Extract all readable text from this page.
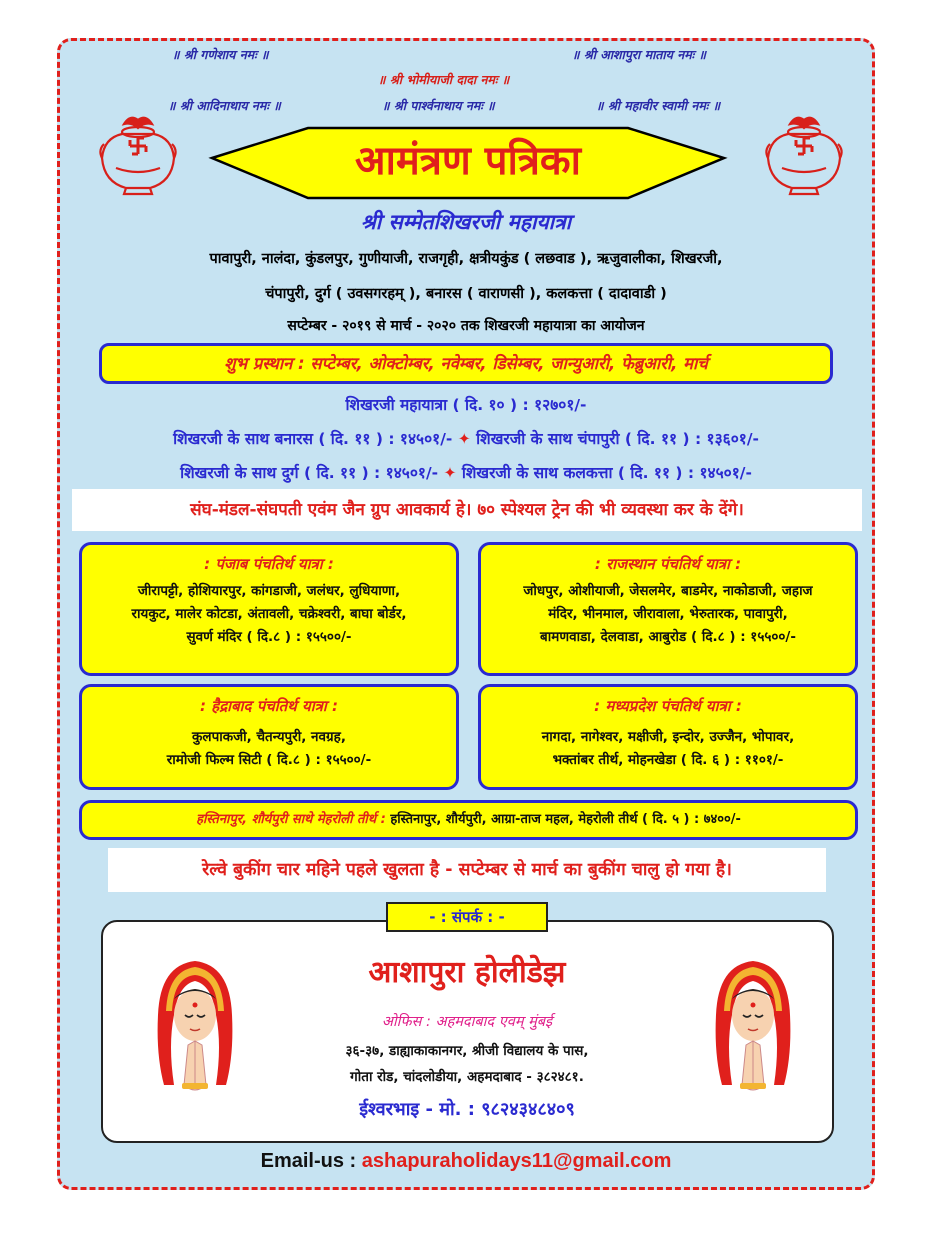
॥ श्री गणेशाय नमः ॥	॥ श्री आशापुरा माताय नमः ॥
॥ श्री भोमीयाजी दादा नमः ॥
॥ श्री आदिनाथाय नमः ॥	॥ श्री पार्श्वनाथाय नमः ॥	॥ श्री महावीर स्वामी नमः ॥
आमंत्रण पत्रिका
श्री सम्मेतशिखरजी महायात्रा
पावापुरी, नालंदा, कुंडलपुर, गुणीयाजी, राजगृही, क्षत्रीयकुंड ( लछवाड ), ऋजुवालीका, शिखरजी,
चंपापुरी, दुर्ग ( उवसगरहम् ), बनारस ( वाराणसी ), कलकत्ता ( दादावाडी )
सप्टेम्बर - २०१९ से मार्च - २०२० तक शिखरजी महायात्रा का आयोजन
शुभ प्रस्थान : सप्टेम्बर, ओक्टोम्बर, नवेम्बर, डिसेम्बर, जान्युआरी, फेब्रुआरी, मार्च
शिखरजी महायात्रा ( दि. १० ) : १२७०१/-
शिखरजी के साथ बनारस ( दि. ११ ) : १४५०१/- ✦ शिखरजी के साथ चंपापुरी ( दि. ११ ) : १३६०१/-
शिखरजी के साथ दुर्ग ( दि. ११ ) : १४५०१/- ✦ शिखरजी के साथ कलकत्ता ( दि. ११ ) : १४५०१/-
संघ-मंडल-संघपती एवंम जैन ग्रुप आवकार्य हे। ७० स्पेश्यल ट्रेन की भी व्यवस्था कर के देंगे।
: पंजाब पंचतिर्थ यात्रा :
जीरापट्टी, होशियारपुर, कांगडाजी, जलंधर, लुधियाणा,
रायकुट, मालेर कोटडा, अंतावली, चक्रेश्वरी, बाघा बोर्डर,
सुवर्ण मंदिर ( दि.८ ) : १५५००/-
: राजस्थान पंचतिर्थ यात्रा :
जोधपुर, ओशीयाजी, जेसलमेर, बाडमेर, नाकोडाजी, जहाज
मंदिर, भीनमाल, जीरावाला, भेरुतारक, पावापुरी,
बामणवाडा, देलवाडा, आबुरोड ( दि.८ ) : १५५००/-
: हैद्राबाद पंचतिर्थ यात्रा :
कुलपाकजी, चैतन्यपुरी, नवग्रह,
रामोजी फिल्म सिटी ( दि.८ ) : १५५००/-
: मध्यप्रदेश पंचतिर्थ यात्रा :
नागदा, नागेश्वर, मक्षीजी, इन्दोर, उज्जैन, भोपावर,
भक्तांबर तीर्थ, मोहनखेडा ( दि. ६ ) : ११०१/-
हस्तिनापुर, शौर्यपुरी साथे मेहरोली तीर्थ : हस्तिनापुर, शौर्यपुरी, आग्रा-ताज महल, मेहरोली तीर्थ ( दि. ५ ) : ७४००/-
रेल्वे बुकींग चार महिने पहले खुलता है - सप्टेम्बर से मार्च का बुकींग चालु हो गया है।
- : संपर्क : -
आशापुरा होलीडेझ
ओफिस : अहमदाबाद एवम् मुंबई
३६-३७, डाह्याकाकानगर, श्रीजी विद्यालय के पास,
गोता रोड, चांदलोडीया, अहमदाबाद - ३८२४८१.
ईश्वरभाइ - मो. : ९८२४३४८४०९
Email-us : ashapuraholidays11@gmail.com
